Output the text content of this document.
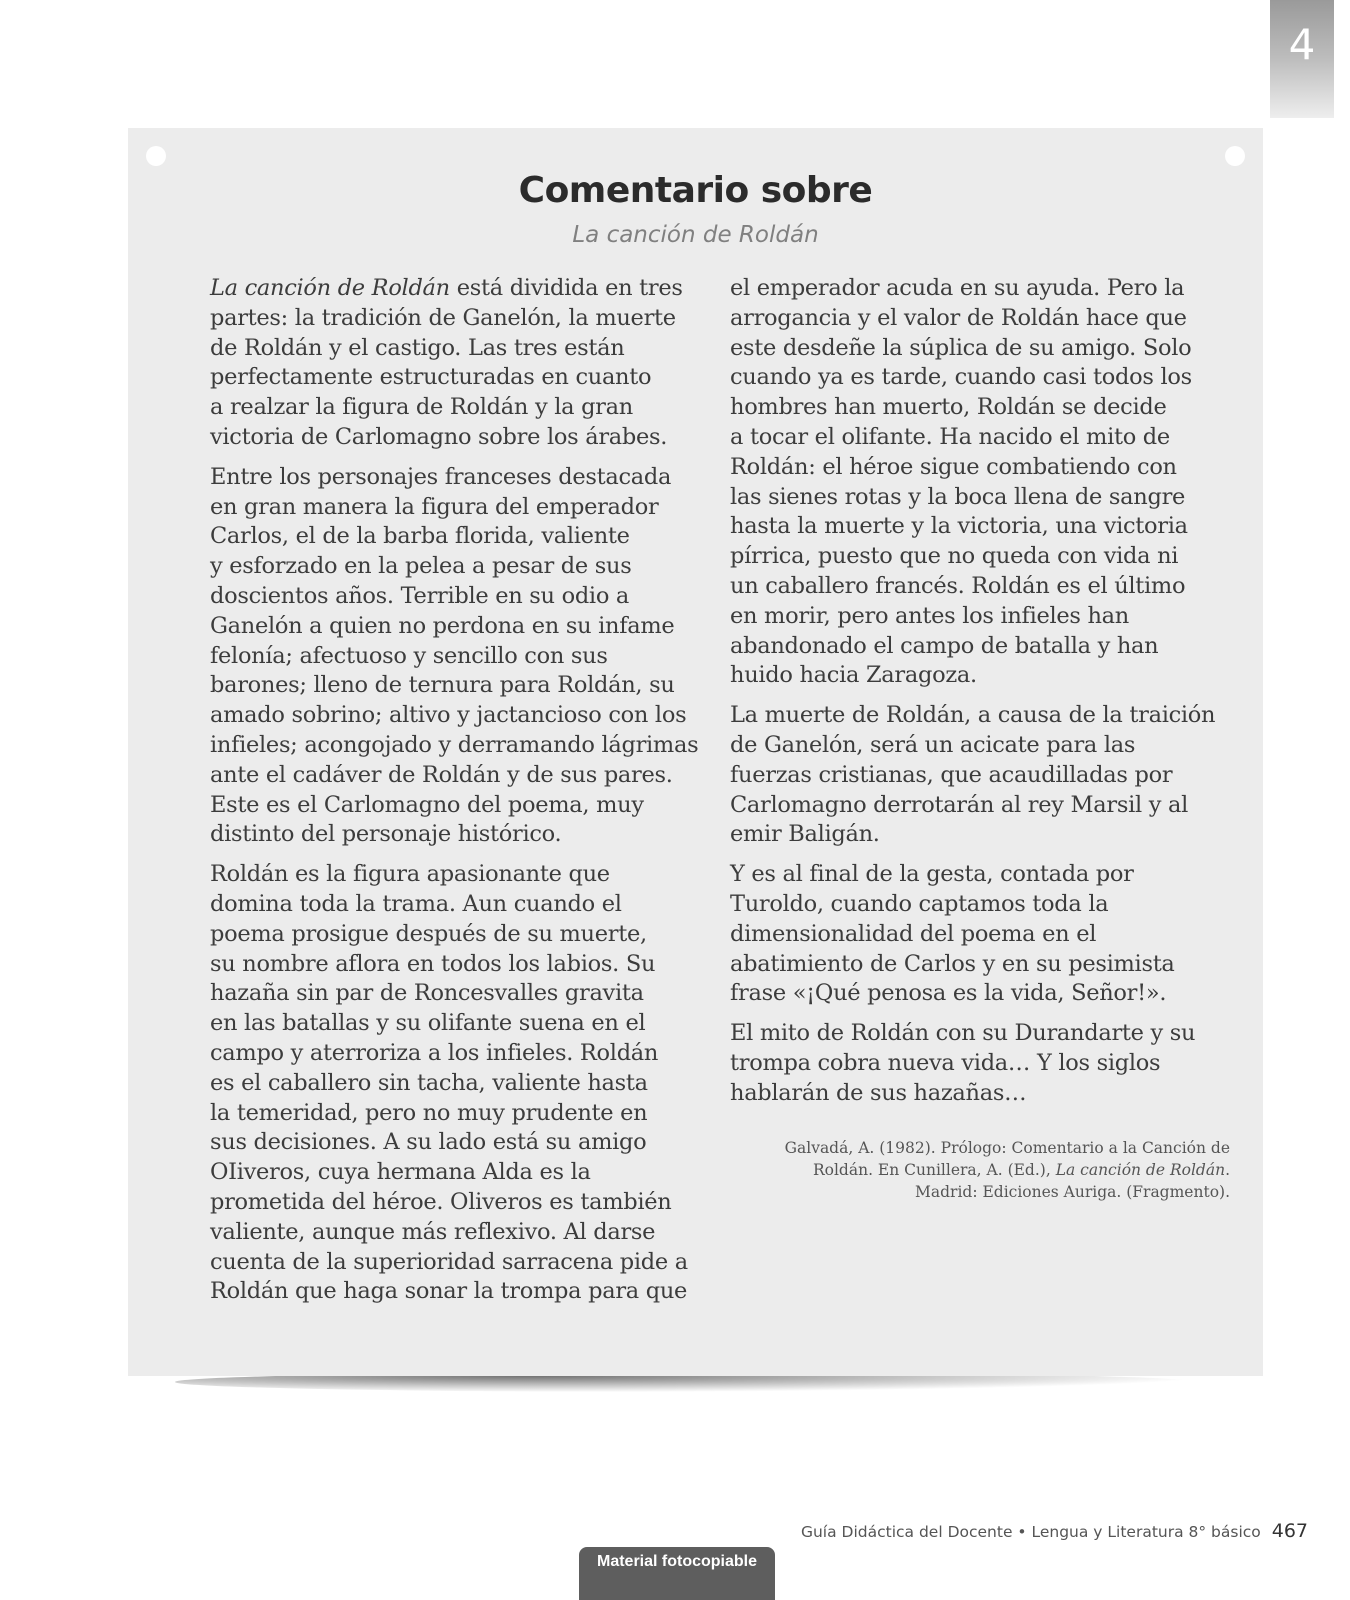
4
Comentario sobre
La canción de Roldán

La canción de Roldán está dividida en tres
partes: la tradición de Ganelón, la muerte
de Roldán y el castigo. Las tres están
perfectamente estructuradas en cuanto
a realzar la figura de Roldán y la gran
victoria de Carlomagno sobre los árabes.

Entre los personajes franceses destacada
en gran manera la figura del emperador
Carlos, el de la barba florida, valiente
y esforzado en la pelea a pesar de sus
doscientos años. Terrible en su odio a
Ganelón a quien no perdona en su infame
felonía; afectuoso y sencillo con sus
barones; lleno de ternura para Roldán, su
amado sobrino; altivo y jactancioso con los
infieles; acongojado y derramando lágrimas
ante el cadáver de Roldán y de sus pares.
Este es el Carlomagno del poema, muy
distinto del personaje histórico.

Roldán es la figura apasionante que
domina toda la trama. Aun cuando el
poema prosigue después de su muerte,
su nombre aflora en todos los labios. Su
hazaña sin par de Roncesvalles gravita
en las batallas y su olifante suena en el
campo y aterroriza a los infieles. Roldán
es el caballero sin tacha, valiente hasta
la temeridad, pero no muy prudente en
sus decisiones. A su lado está su amigo
OIiveros, cuya hermana Alda es la
prometida del héroe. Oliveros es también
valiente, aunque más reflexivo. Al darse
cuenta de la superioridad sarracena pide a
Roldán que haga sonar la trompa para que

el emperador acuda en su ayuda. Pero la
arrogancia y el valor de Roldán hace que
este desdeñe la súplica de su amigo. Solo
cuando ya es tarde, cuando casi todos los
hombres han muerto, Roldán se decide
a tocar el olifante. Ha nacido el mito de
Roldán: el héroe sigue combatiendo con
las sienes rotas y la boca llena de sangre
hasta la muerte y la victoria, una victoria
pírrica, puesto que no queda con vida ni
un caballero francés. Roldán es el último
en morir, pero antes los infieles han
abandonado el campo de batalla y han
huido hacia Zaragoza.

La muerte de Roldán, a causa de la traición
de Ganelón, será un acicate para las
fuerzas cristianas, que acaudilladas por
Carlomagno derrotarán al rey Marsil y al
emir Baligán.

Y es al final de la gesta, contada por
Turoldo, cuando captamos toda la
dimensionalidad del poema en el
abatimiento de Carlos y en su pesimista
frase «¡Qué penosa es la vida, Señor!».

El mito de Roldán con su Durandarte y su
trompa cobra nueva vida… Y los siglos
hablarán de sus hazañas…

Galvadá, A. (1982). Prólogo: Comentario a la Canción de
Roldán. En Cunillera, A. (Ed.), La canción de Roldán.
Madrid: Ediciones Auriga. (Fragmento).
Guía Didáctica del Docente • Lengua y Literatura 8° básico 467
Material fotocopiable
